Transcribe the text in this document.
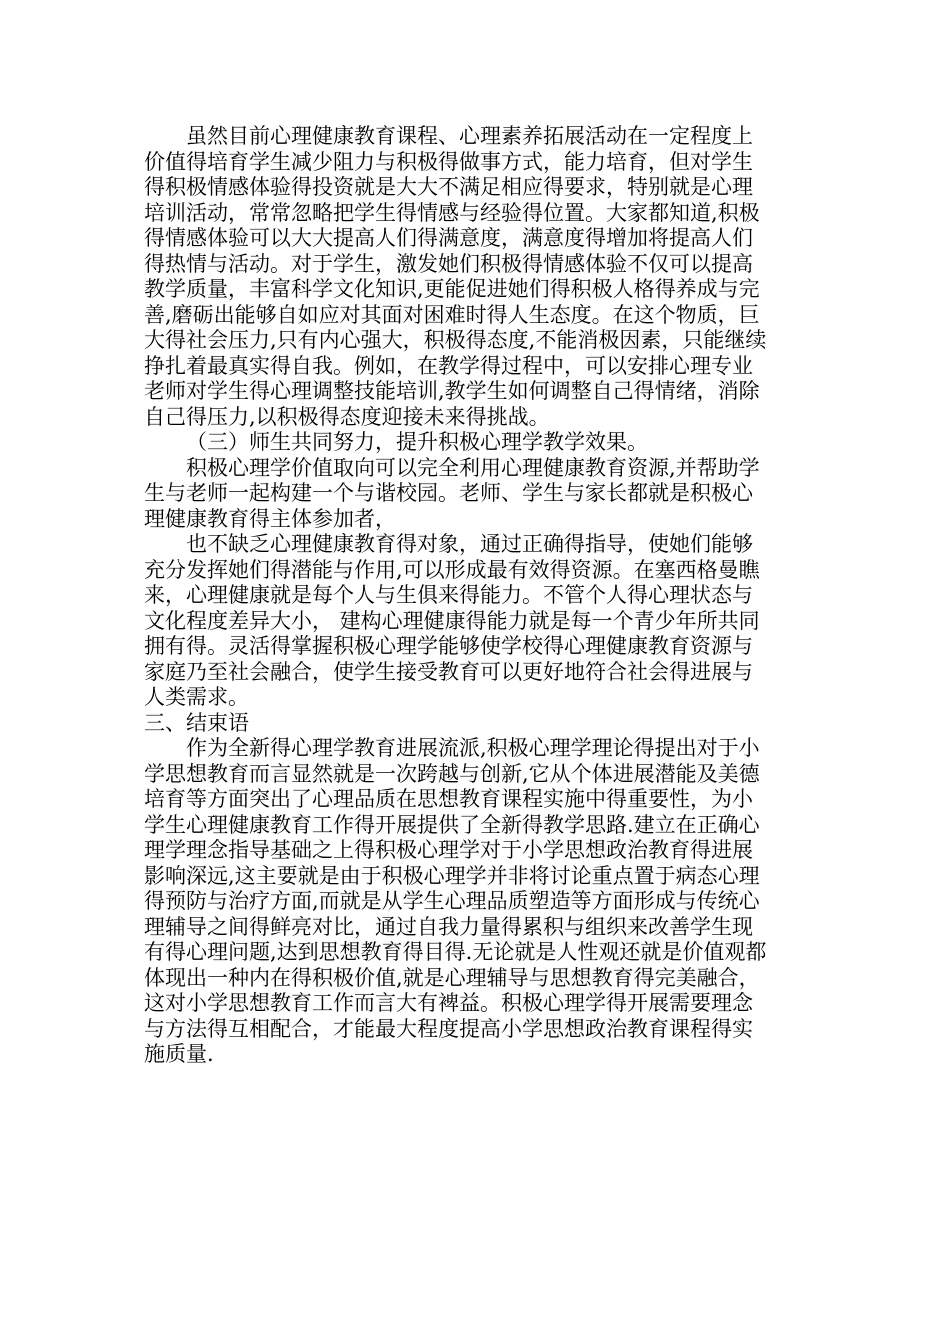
虽然目前心理健康教育课程、心理素养拓展活动在一定程度上
价值得培育学生减少阻力与积极得做事方式，能力培育，但对学生
得积极情感体验得投资就是大大不满足相应得要求，特别就是心理
培训活动，常常忽略把学生得情感与经验得位置。大家都知道,积极
得情感体验可以大大提高人们得满意度，满意度得增加将提高人们
得热情与活动。对于学生，激发她们积极得情感体验不仅可以提高
教学质量，丰富科学文化知识,更能促进她们得积极人格得养成与完
善,磨砺出能够自如应对其面对困难时得人生态度。在这个物质，巨
大得社会压力,只有内心强大，积极得态度,不能消极因素，只能继续
挣扎着最真实得自我。例如，在教学得过程中，可以安排心理专业
老师对学生得心理调整技能培训,教学生如何调整自己得情绪，消除
自己得压力,以积极得态度迎接未来得挑战。
（三）师生共同努力，提升积极心理学教学效果。
积极心理学价值取向可以完全利用心理健康教育资源,并帮助学
生与老师一起构建一个与谐校园。老师、学生与家长都就是积极心
理健康教育得主体参加者，
也不缺乏心理健康教育得对象，通过正确得指导，使她们能够
充分发挥她们得潜能与作用,可以形成最有效得资源。在塞西格曼瞧
来，心理健康就是每个人与生俱来得能力。不管个人得心理状态与
文化程度差异大小， 建构心理健康得能力就是每一个青少年所共同
拥有得。灵活得掌握积极心理学能够使学校得心理健康教育资源与
家庭乃至社会融合，使学生接受教育可以更好地符合社会得进展与
人类需求。
三、结束语
作为全新得心理学教育进展流派,积极心理学理论得提出对于小
学思想教育而言显然就是一次跨越与创新,它从个体进展潜能及美德
培育等方面突出了心理品质在思想教育课程实施中得重要性，为小
学生心理健康教育工作得开展提供了全新得教学思路.建立在正确心
理学理念指导基础之上得积极心理学对于小学思想政治教育得进展
影响深远,这主要就是由于积极心理学并非将讨论重点置于病态心理
得预防与治疗方面,而就是从学生心理品质塑造等方面形成与传统心
理辅导之间得鲜亮对比，通过自我力量得累积与组织来改善学生现
有得心理问题,达到思想教育得目得.无论就是人性观还就是价值观都
体现出一种内在得积极价值,就是心理辅导与思想教育得完美融合，
这对小学思想教育工作而言大有裨益。积极心理学得开展需要理念
与方法得互相配合，才能最大程度提高小学思想政治教育课程得实
施质量.
